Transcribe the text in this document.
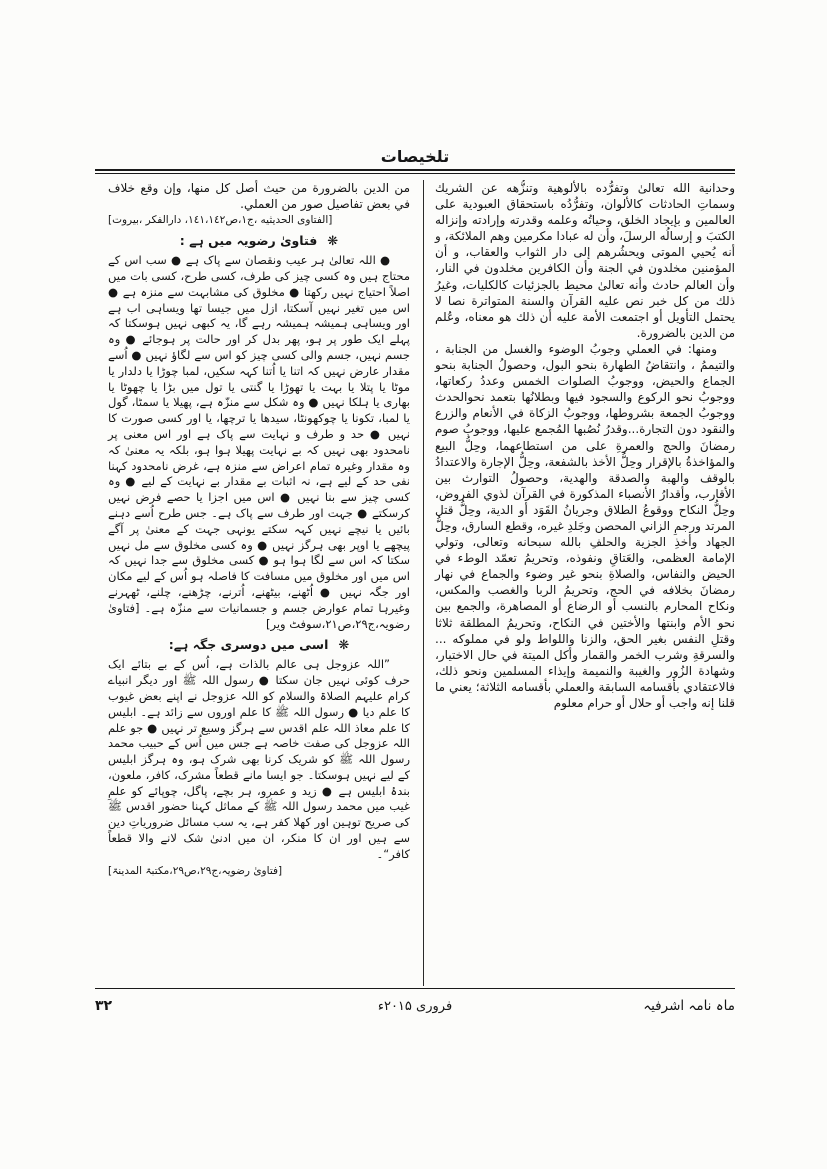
تلخیصات

وحدانية الله تعالىٰ وتفرُّده بالألوهية وتنزُّهه عن الشريك وسماتِ الحادثات كالألوان، وتفرُّدُه باستحقاق العبودية على العالمين و بإيجاد الخلق، وحياتُه وعلمه وقدرته وإرادته وإنزاله الكتبَ و إرسالُه الرسلَ، وأن له عبادا مكرمين وهم الملائكة، و أنه يُحيي الموتى ويحشُرهم إلى دار الثواب والعقاب، و أن المؤمنين مخلدون في الجنة وأن الكافرين مخلدون في النار، وأن العالم حادث وأنه تعالىٰ محيط بالجزئيات كالكليات، وغيرُ ذلك من كل خبر نص عليه القرآن والسنة المتواترة نصا لا يحتمل التأويل أو اجتمعت الأمة عليه أن ذلك هو معناه، وعُلم من الدين بالضرورة.

ومنها: في العملي وجوبُ الوضوء والغسل من الجنابة ، والتيممُ ، وانتقاضُ الطهارة بنحو البول، وحصولُ الجنابة بنحو الجماع والحيض، ووجوبُ الصلوات الخمس وعددُ ركعاتها، ووجوبُ نحو الركوع والسجود فيها وبطلانُها بتعمد نحوالحدث ووجوبُ الجمعة بشروطها، ووجوبُ الزكاة في الأنعام والزرع والنقود دون التجارة...وقدرُ نُصُبها المُجمع عليها، ووجوبُ صوم رمضانَ والحج والعمرةِ على من استطاعهما، وحِلُّ البيع والمؤاخذةُ بالإقرار وحِلُّ الأخذ بالشفعة، وحِلُّ الإجارة والاعتدادُ بالوقف والهبة والصدقة والهدية، وحصولُ التوارث بين الأقارب، وأقدارُ الأنصباء المذكورة في القرآن لذوي الفروض، وحِلُّ النكاح ووقوعُ الطلاق وجريانُ القَوَد أو الدية، وحِلُّ قتل المرتد ورجمِ الزاني المحصن وجَلدِ غيره، وقطع السارق، وحِلُّ الجهاد وأخذِ الجزية والحلفِ بالله سبحانه وتعالى، وتولي الإمامة العظمى، والعَتاقِ ونفوذه، وتحريمُ تعمّد الوطء في الحيض والنفاس، والصلاةِ بنحو غير وضوء والجماع في نهار رمضانَ بخلافه في الحج، وتحريمُ الربا والغصب والمكس، ونكاح المحارم بالنسب أو الرضاع أو المصاهرة، والجمع بين نحو الأم وابنتها والأختين في النكاح، وتحريمُ المطلقة ثلاثا وقتلِ النفس بغير الحق، والزنا واللواط ولو في مملوكه ... والسرقةِ وشرب الخمر والقمار وأكل الميتة في حال الاختيار، وشهادة الزُور والغيبة والنميمة وإيذاء المسلمين ونحو ذلك، فالاعتقادي بأقسامه السابقة والعملي بأقسامه الثلاثة؛ يعني ما قلنا إنه واجب أو حلال أو حرام معلوم

من الدين بالضرورة من حيث أصل كل منها، وإن وقع خلاف في بعض تفاصيل صور من العملي.

[الفتاوى الحديثيه ،ج١،ص١٤١،١٤٢، دارالفكر ،بيروت]
❋فتاویٰ رضویہ میں ہے :

● اللہ تعالیٰ ہر عیب ونقصان سے پاک ہے ● سب اس کے محتاج ہیں وہ کسی چیز کی طرف، کسی طرح، کسی بات میں اصلاً احتیاج نہیں رکھتا ● مخلوق کی مشابہت سے منزہ ہے ● اس میں تغیر نہیں آسکتا، ازل میں جیسا تھا ویساہی اب ہے اور ویساہی ہمیشہ ہمیشہ رہے گا، یہ کبھی نہیں ہوسکتا کہ پہلے ایک طور پر ہو، پھر بدل کر اور حالت پر ہوجائے ● وہ جسم نہیں، جسم والی کسی چیز کو اس سے لگاؤ نہیں ● اُسے مقدار عارض نہیں کہ اتنا یا اُتنا کہہ سکیں، لمبا چوڑا یا دلدار یا موٹا یا پتلا یا بہت یا تھوڑا یا گنتی یا تول میں بڑا یا چھوٹا یا بھاری یا ہلکا نہیں ● وہ شکل سے منزّہ ہے، پھیلا یا سمٹا، گول یا لمبا، تکونا یا چوکھونٹا، سیدھا یا ترچھا، یا اور کسی صورت کا نہیں ● حد و طرف و نہایت سے پاک ہے اور اس معنی پر نامحدود بھی نہیں کہ بے نہایت پھیلا ہوا ہو، بلکہ یہ معنیٰ کہ وہ مقدار وغیرہ تمام اعراض سے منزہ ہے، غرض نامحدود کہنا نفی حد کے لیے ہے، نہ اثبات بے مقدار بے نہایت کے لیے ● وہ کسی چیز سے بنا نہیں ● اس میں اجزا یا حصے فرض نہیں کرسکتے ● جہت اور طرف سے پاک ہے۔ جس طرح اُسے دہنے بائیں یا نیچے نہیں کہہ سکتے یونہی جہت کے معنیٰ پر آگے پیچھے یا اوپر بھی ہرگز نہیں ● وہ کسی مخلوق سے مل نہیں سکتا کہ اس سے لگا ہوا ہو ● کسی مخلوق سے جدا نہیں کہ اس میں اور مخلوق میں مسافت کا فاصلہ ہو اُس کے لیے مکان اور جگہ نہیں ● اُٹھنے، بیٹھنے، اُترنے، چڑھنے، چلنے، ٹھہرنے وغیرہا تمام عوارض جسم و جسمانیات سے منزّہ ہے۔ [فتاویٰ رضویہ،ج۲۹،ص۲۱،سوفٹ ویر]

❋اسی میں دوسری جگہ ہے:

”اللہ عزوجل ہی عالم بالذات ہے، اُس کے بے بتائے ایک حرف کوئی نہیں جان سکتا ● رسول اللہ ﷺ اور دیگر انبیاے کرام علیہم الصلاۃ والسلام کو اللہ عزوجل نے اپنے بعض غیوب کا علم دیا ● رسول اللہ ﷺ کا علم اوروں سے زائد ہے۔ ابلیس کا علم معاذ اللہ علم اقدس سے ہرگز وسیع تر نہیں ● جو علم اللہ عزوجل کی صفت خاصہ ہے جس میں اُس کے حبیب محمد رسول اللہ ﷺ کو شریک کرنا بھی شرک ہو، وہ ہرگز ابلیس کے لیے نہیں ہوسکتا۔ جو ایسا مانے قطعاً مشرک، کافر، ملعون، بندۂ ابلیس ہے ● زید و عمرو، ہر بچے، پاگل، چوپائے کو علمِ غیب میں محمد رسول اللہ ﷺ کے مماثل کہنا حضور اقدس ﷺ کی صریح توہین اور کھلا کفر ہے، یہ سب مسائل ضروریاتِ دین سے ہیں اور ان کا منکر، ان میں ادنیٰ شک لانے والا قطعاً کافر“۔

[فتاویٰ رضویہ،ج۲۹،ص۲۹،مکتبۃ المدینۃ]
ماہ نامہ اشرفیہ
فروری ۲۰۱۵ء
۳۲
